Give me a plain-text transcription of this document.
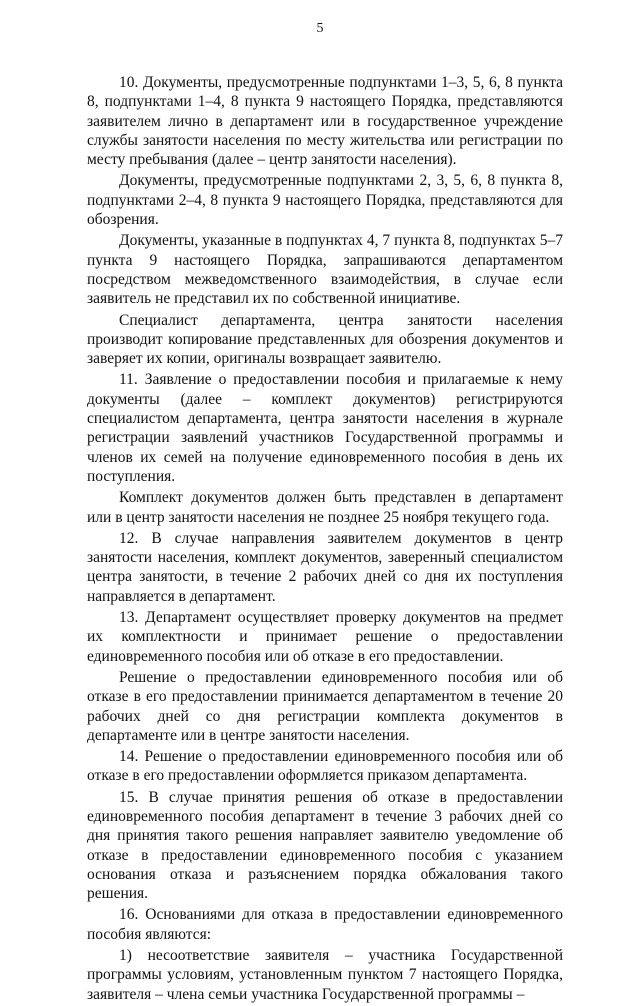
5

10. Документы, предусмотренные подпунктами 1–3, 5, 6, 8 пункта 8, подпунктами 1–4, 8 пункта 9 настоящего Порядка, представляются заявителем лично в департамент или в государственное учреждение службы занятости населения по месту жительства или регистрации по месту пребывания (далее – центр занятости населения).

Документы, предусмотренные подпунктами 2, 3, 5, 6, 8 пункта 8, подпунктами 2–4, 8 пункта 9 настоящего Порядка, представляются для обозрения.

Документы, указанные в подпунктах 4, 7 пункта 8, подпунктах 5–7 пункта 9 настоящего Порядка, запрашиваются департаментом посредством межведомственного взаимодействия, в случае если заявитель не представил их по собственной инициативе.

Специалист департамента, центра занятости населения производит копирование представленных для обозрения документов и заверяет их копии, оригиналы возвращает заявителю.

11. Заявление о предоставлении пособия и прилагаемые к нему документы (далее – комплект документов) регистрируются специалистом департамента, центра занятости населения в журнале регистрации заявлений участников Государственной программы и членов их семей на получение единовременного пособия в день их поступления.

Комплект документов должен быть представлен в департамент или в центр занятости населения не позднее 25 ноября текущего года.

12. В случае направления заявителем документов в центр занятости населения, комплект документов, заверенный специалистом центра занятости, в течение 2 рабочих дней со дня их поступления направляется в департамент.

13. Департамент осуществляет проверку документов на предмет их комплектности и принимает решение о предоставлении единовременного пособия или об отказе в его предоставлении.

Решение о предоставлении единовременного пособия или об отказе в его предоставлении принимается департаментом в течение 20 рабочих дней со дня регистрации комплекта документов в департаменте или в центре занятости населения.

14. Решение о предоставлении единовременного пособия или об отказе в его предоставлении оформляется приказом департамента.

15. В случае принятия решения об отказе в предоставлении единовременного пособия департамент в течение 3 рабочих дней со дня принятия такого решения направляет заявителю уведомление об отказе в предоставлении единовременного пособия с указанием основания отказа и разъяснением порядка обжалования такого решения.

16. Основаниями для отказа в предоставлении единовременного пособия являются:

1) несоответствие заявителя – участника Государственной программы условиям, установленным пунктом 7 настоящего Порядка, заявителя – члена семьи участника Государственной программы –
